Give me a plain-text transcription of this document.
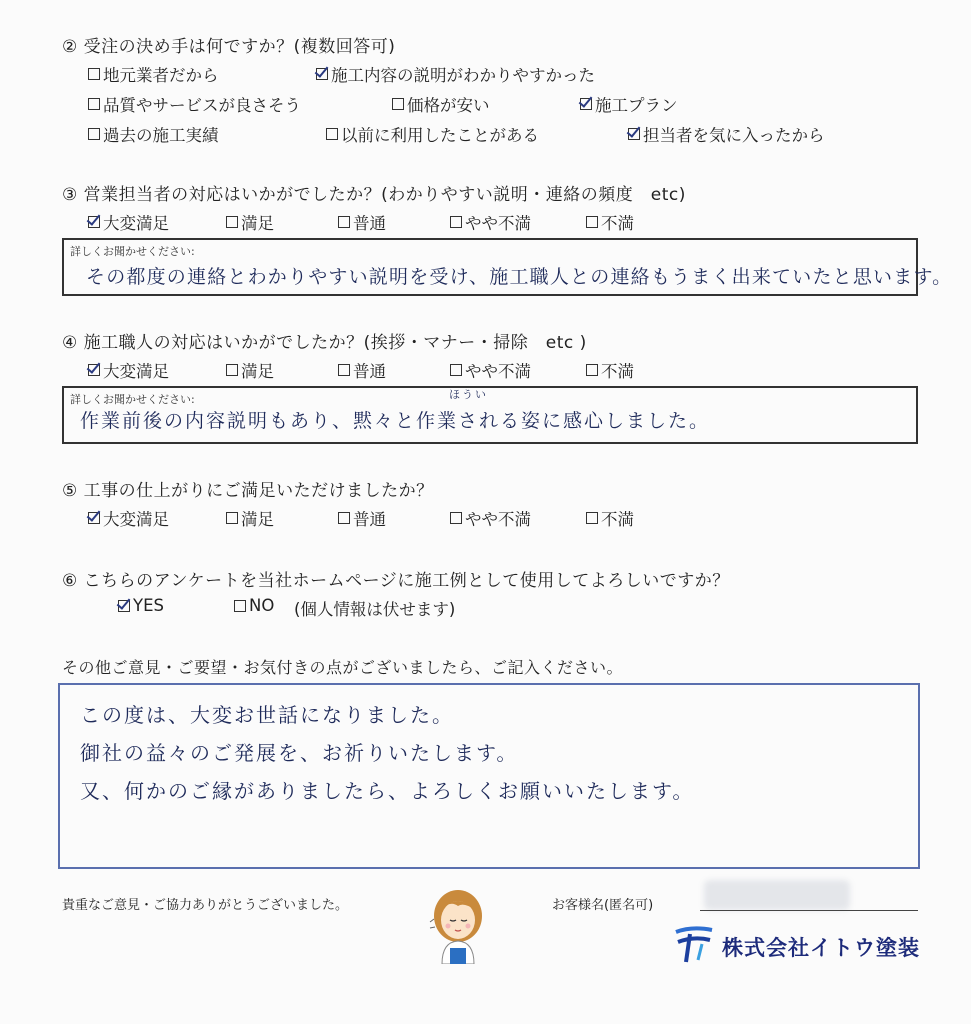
② 受注の決め手は何ですか？(複数回答可)
地元業者だから	施工内容の説明がわかりやすかった
品質やサービスが良さそう	価格が安い	施工プラン
過去の施工実績	以前に利用したことがある	担当者を気に入ったから
③ 営業担当者の対応はいかがでしたか？(わかりやすい説明・連絡の頻度　etc)
大変満足	満足	普通	やや不満	不満
詳しくお聞かせください:
その都度の連絡とわかりやすい説明を受け、施工職人との連絡もうまく出来ていたと思います。
④ 施工職人の対応はいかがでしたか？(挨拶・マナー・掃除　etc )
大変満足	満足	普通	やや不満	不満
詳しくお聞かせください:	ほうい
作業前後の内容説明もあり、黙々と作業される姿に感心しました。
⑤ 工事の仕上がりにご満足いただけましたか？
大変満足	満足	普通	やや不満	不満
⑥ こちらのアンケートを当社ホームページに施工例として使用してよろしいですか？
YES	NO (個人情報は伏せます)
その他ご意見・ご要望・お気付きの点がございましたら、ご記入ください。
この度は、大変お世話になりました。
御社の益々のご発展を、お祈りいたします。
又、何かのご縁がありましたら、よろしくお願いいたします。
貴重なご意見・ご協力ありがとうございました。	お客様名(匿名可)
株式会社イトウ塗装
